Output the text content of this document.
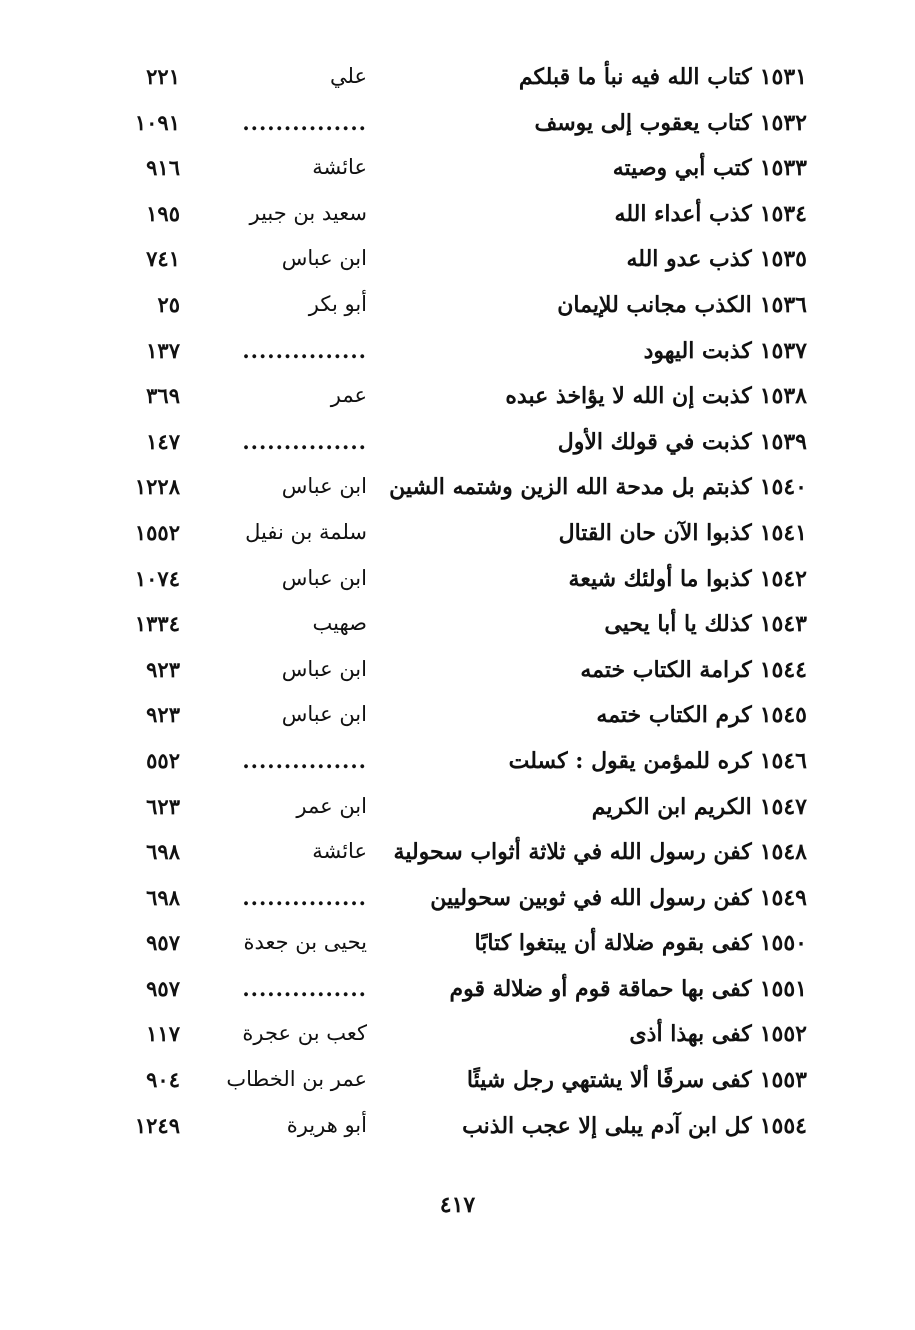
١٥٣١كتاب الله فيه نبأ ما قبلكم
علي
٢٢١
١٥٣٢كتاب يعقوب إلى يوسف
...............
١٠٩١
١٥٣٣كتب أبي وصيته
عائشة
٩١٦
١٥٣٤كذب أعداء الله
سعيد بن جبير
١٩٥
١٥٣٥كذب عدو الله
ابن عباس
٧٤١
١٥٣٦الكذب مجانب للإيمان
أبو بكر
٢٥
١٥٣٧كذبت اليهود
...............
١٣٧
١٥٣٨كذبت إن الله لا يؤاخذ عبده
عمر
٣٦٩
١٥٣٩كذبت في قولك الأول
...............
١٤٧
١٥٤٠كذبتم بل مدحة الله الزين وشتمه الشين
ابن عباس
١٢٢٨
١٥٤١كذبوا الآن حان القتال
سلمة بن نفيل
١٥٥٢
١٥٤٢كذبوا ما أولئك شيعة
ابن عباس
١٠٧٤
١٥٤٣كذلك يا أبا يحيى
صهيب
١٣٣٤
١٥٤٤كرامة الكتاب ختمه
ابن عباس
٩٢٣
١٥٤٥كرم الكتاب ختمه
ابن عباس
٩٢٣
١٥٤٦كره للمؤمن يقول : كسلت
...............
٥٥٢
١٥٤٧الكريم ابن الكريم
ابن عمر
٦٢٣
١٥٤٨كفن رسول الله في ثلاثة أثواب سحولية
عائشة
٦٩٨
١٥٤٩كفن رسول الله في ثوبين سحوليين
...............
٦٩٨
١٥٥٠كفى بقوم ضلالة أن يبتغوا كتابًا
يحيى بن جعدة
٩٥٧
١٥٥١كفى بها حماقة قوم أو ضلالة قوم
...............
٩٥٧
١٥٥٢كفى بهذا أذى
كعب بن عجرة
١١٧
١٥٥٣كفى سرفًا ألا يشتهي رجل شيئًا
عمر بن الخطاب
٩٠٤
١٥٥٤كل ابن آدم يبلى إلا عجب الذنب
أبو هريرة
١٢٤٩
٤١٧
